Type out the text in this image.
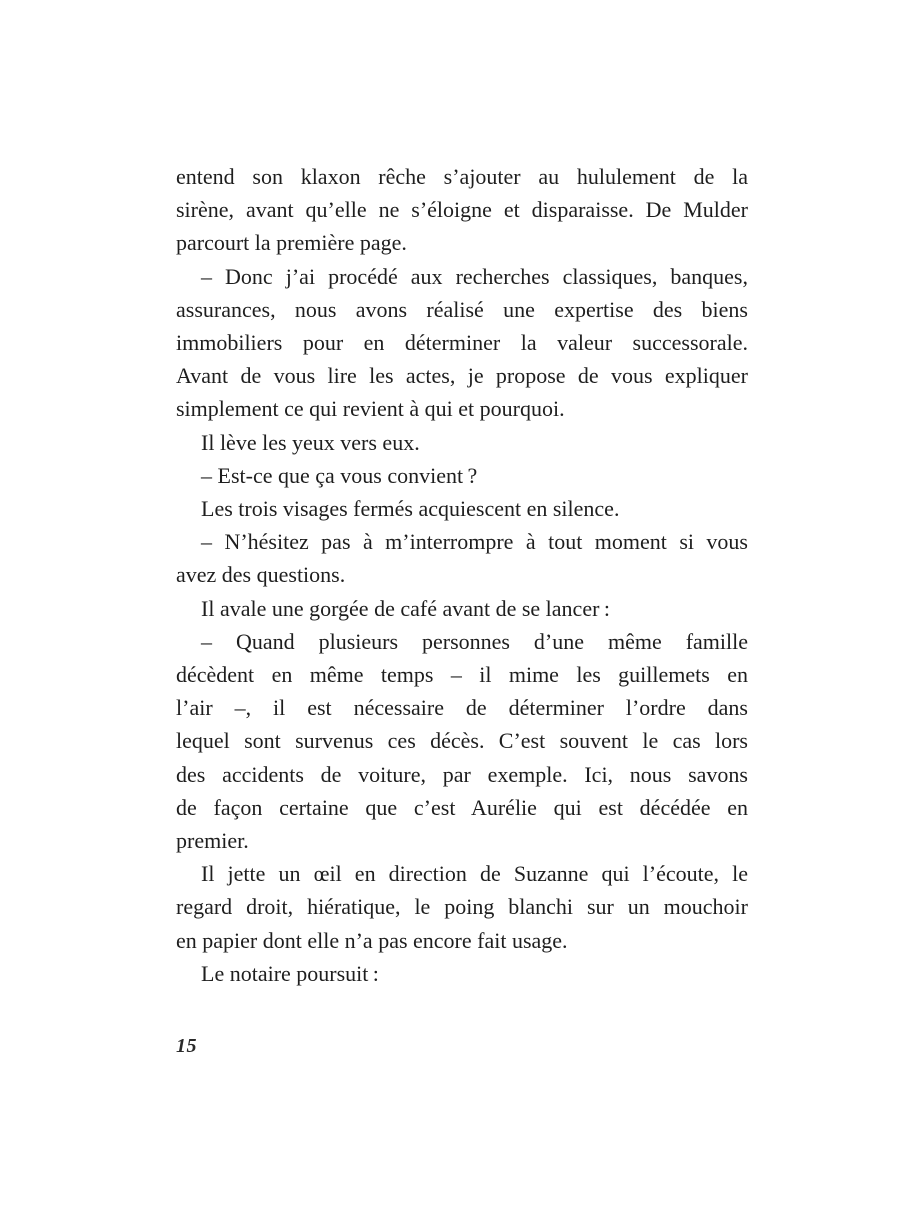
entend son klaxon rêche s’ajouter au hululement de la
sirène, avant qu’elle ne s’éloigne et disparaisse. De Mulder
parcourt la première page.
– Donc j’ai procédé aux recherches classiques, banques,
assurances, nous avons réalisé une expertise des biens
immobiliers pour en déterminer la valeur successorale.
Avant de vous lire les actes, je propose de vous expliquer
simplement ce qui revient à qui et pourquoi.
Il lève les yeux vers eux.
– Est-ce que ça vous convient ?
Les trois visages fermés acquiescent en silence.
– N’hésitez pas à m’interrompre à tout moment si vous
avez des questions.
Il avale une gorgée de café avant de se lancer :
– Quand plusieurs personnes d’une même famille
décèdent en même temps – il mime les guillemets en
l’air –, il est nécessaire de déterminer l’ordre dans
lequel sont survenus ces décès. C’est souvent le cas lors
des accidents de voiture, par exemple. Ici, nous savons
de façon certaine que c’est Aurélie qui est décédée en
premier.
Il jette un œil en direction de Suzanne qui l’écoute, le
regard droit, hiératique, le poing blanchi sur un mouchoir
en papier dont elle n’a pas encore fait usage.
Le notaire poursuit :
15
